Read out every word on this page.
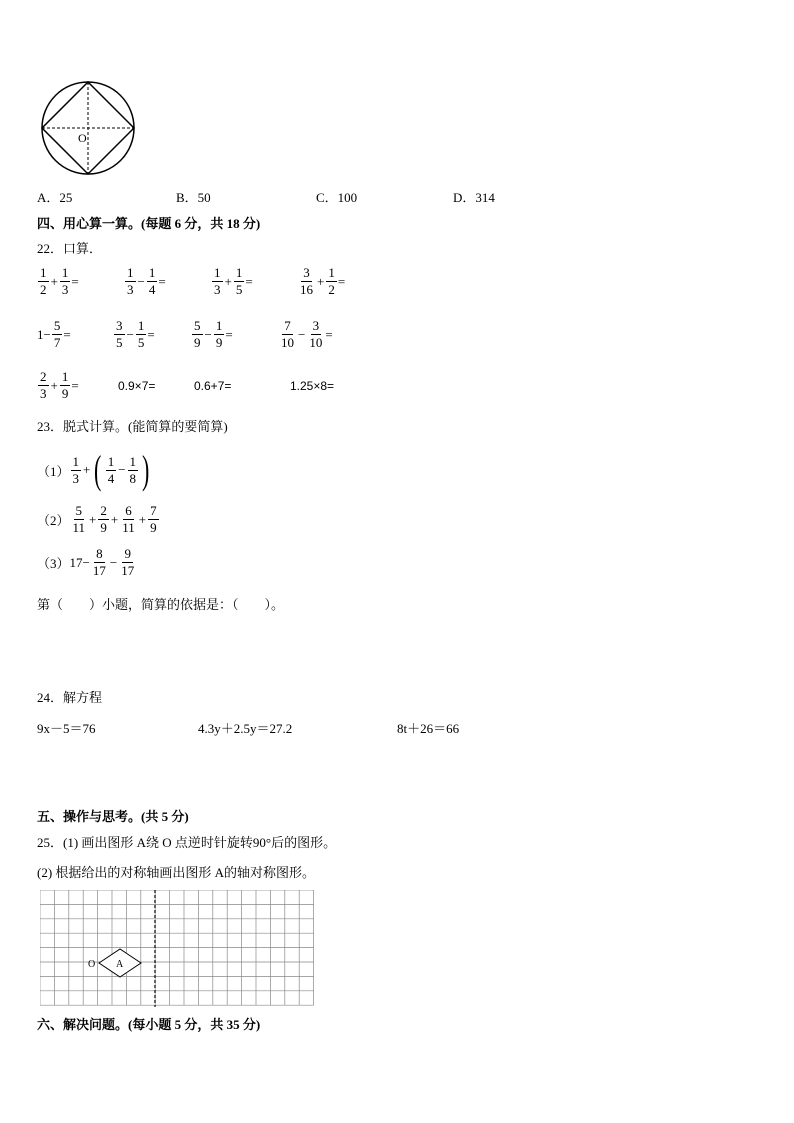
O
A．25	B．50	C．100	D．314
四、用心算一算。(每题 6 分，共 18 分)
22．口算．
$\frac{1}{2} + \frac{1}{3}$ =	$\frac{1}{3} - \frac{1}{4}$ =	$\frac{1}{3} + \frac{1}{5}$ =	$\frac{3}{16} + \frac{1}{2}$ =
$1- \frac{5}{7}$ =	$\frac{3}{5} - \frac{1}{5}$ =	$\frac{5}{9} - \frac{1}{9}$ =	$\frac{7}{10} - \frac{3}{10}$ =
$\frac{2}{3} + \frac{1}{9}$ =	0.9×7=	0.6+7=	1.25×8=
23．脱式计算。(能简算的要简算)
$(1) \frac{1}{3}$ + ( $\frac{1}{4} - \frac{1}{8}$ )
$(2) \frac{5}{11} + \frac{2}{9} + \frac{6}{11} + \frac{7}{9}$
（3） $17- \frac{8}{17} - \frac{9}{17}$
第（　　）小题，简算的依据是：（　　）。
24．解方程
9x－5＝76	4.3y＋2.5y＝27.2	8t＋26＝66
五、操作与思考。(共 5 分)
25．(1) 画出图形 A绕 O 点逆时针旋转90°后的图形。
(2) 根据给出的对称轴画出图形 A的轴对称图形。
A
O
六、解决问题。(每小题 5 分，共 35 分)
